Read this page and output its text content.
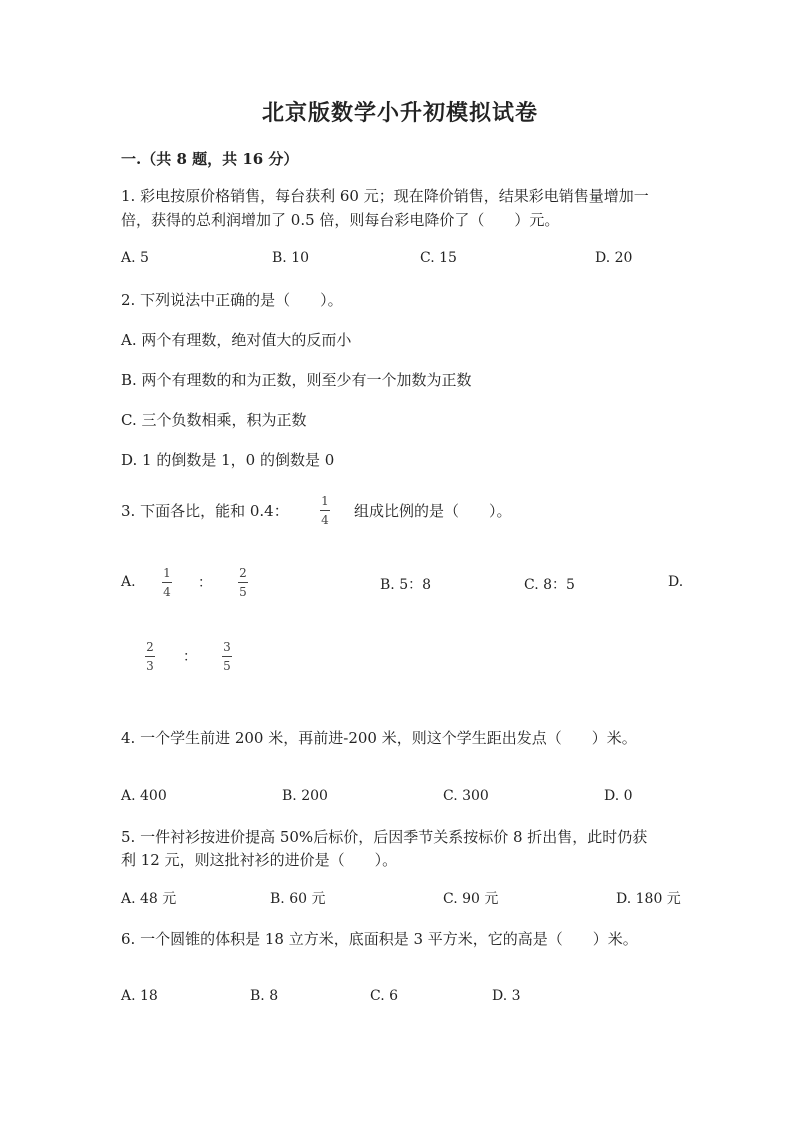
北京版数学小升初模拟试卷
一.（共 8 题，共 16 分）
1. 彩电按原价格销售，每台获利 60 元；现在降价销售，结果彩电销售量增加一
倍，获得的总利润增加了 0.5 倍，则每台彩电降价了（　　）元。
A. 5	B. 10	C. 15	D. 20
2. 下列说法中正确的是（　　）。
A. 两个有理数，绝对值大的反而小
B. 两个有理数的和为正数，则至少有一个加数为正数
C. 三个负数相乘，积为正数
D. 1 的倒数是 1，0 的倒数是 0
3. 下面各比，能和 0.4：
1
4 组成比例的是（　　）。
A.
1
4
：
2
5	B. 5：8	C. 8：5	D.
2
3
：
3
5
4. 一个学生前进 200 米，再前进-200 米，则这个学生距出发点（　　）米。
A. 400	B. 200	C. 300	D. 0
5. 一件衬衫按进价提高 50%后标价，后因季节关系按标价 8 折出售，此时仍获
利 12 元，则这批衬衫的进价是（　　）。
A. 48 元	B. 60 元	C. 90 元	D. 180 元
6. 一个圆锥的体积是 18 立方米，底面积是 3 平方米，它的高是（　　）米。
A. 18	B. 8	C. 6	D. 3
